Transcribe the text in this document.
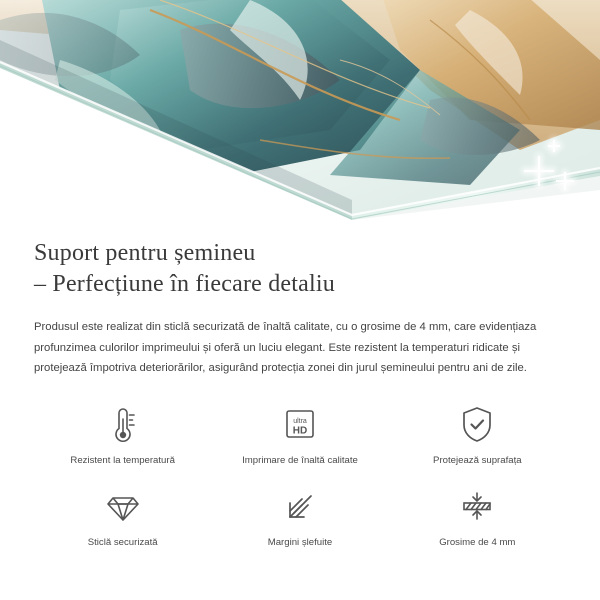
Suport pentru șemineu
– Perfecțiune în fiecare detaliu

Produsul este realizat din sticlă securizată de înaltă calitate, cu o grosime de 4 mm, care evidențiaza profunzimea culorilor imprimeului și oferă un luciu elegant. Este rezistent la temperaturi ridicate și protejează împotriva deteriorărilor, asigurând protecția zonei din jurul șemineului pentru ani de zile.

Rezistent la temperatură
ultra
HD
Imprimare de înaltă calitate	Protejează suprafața
Sticlă securizată	Margini șlefuite	Grosime de 4 mm
